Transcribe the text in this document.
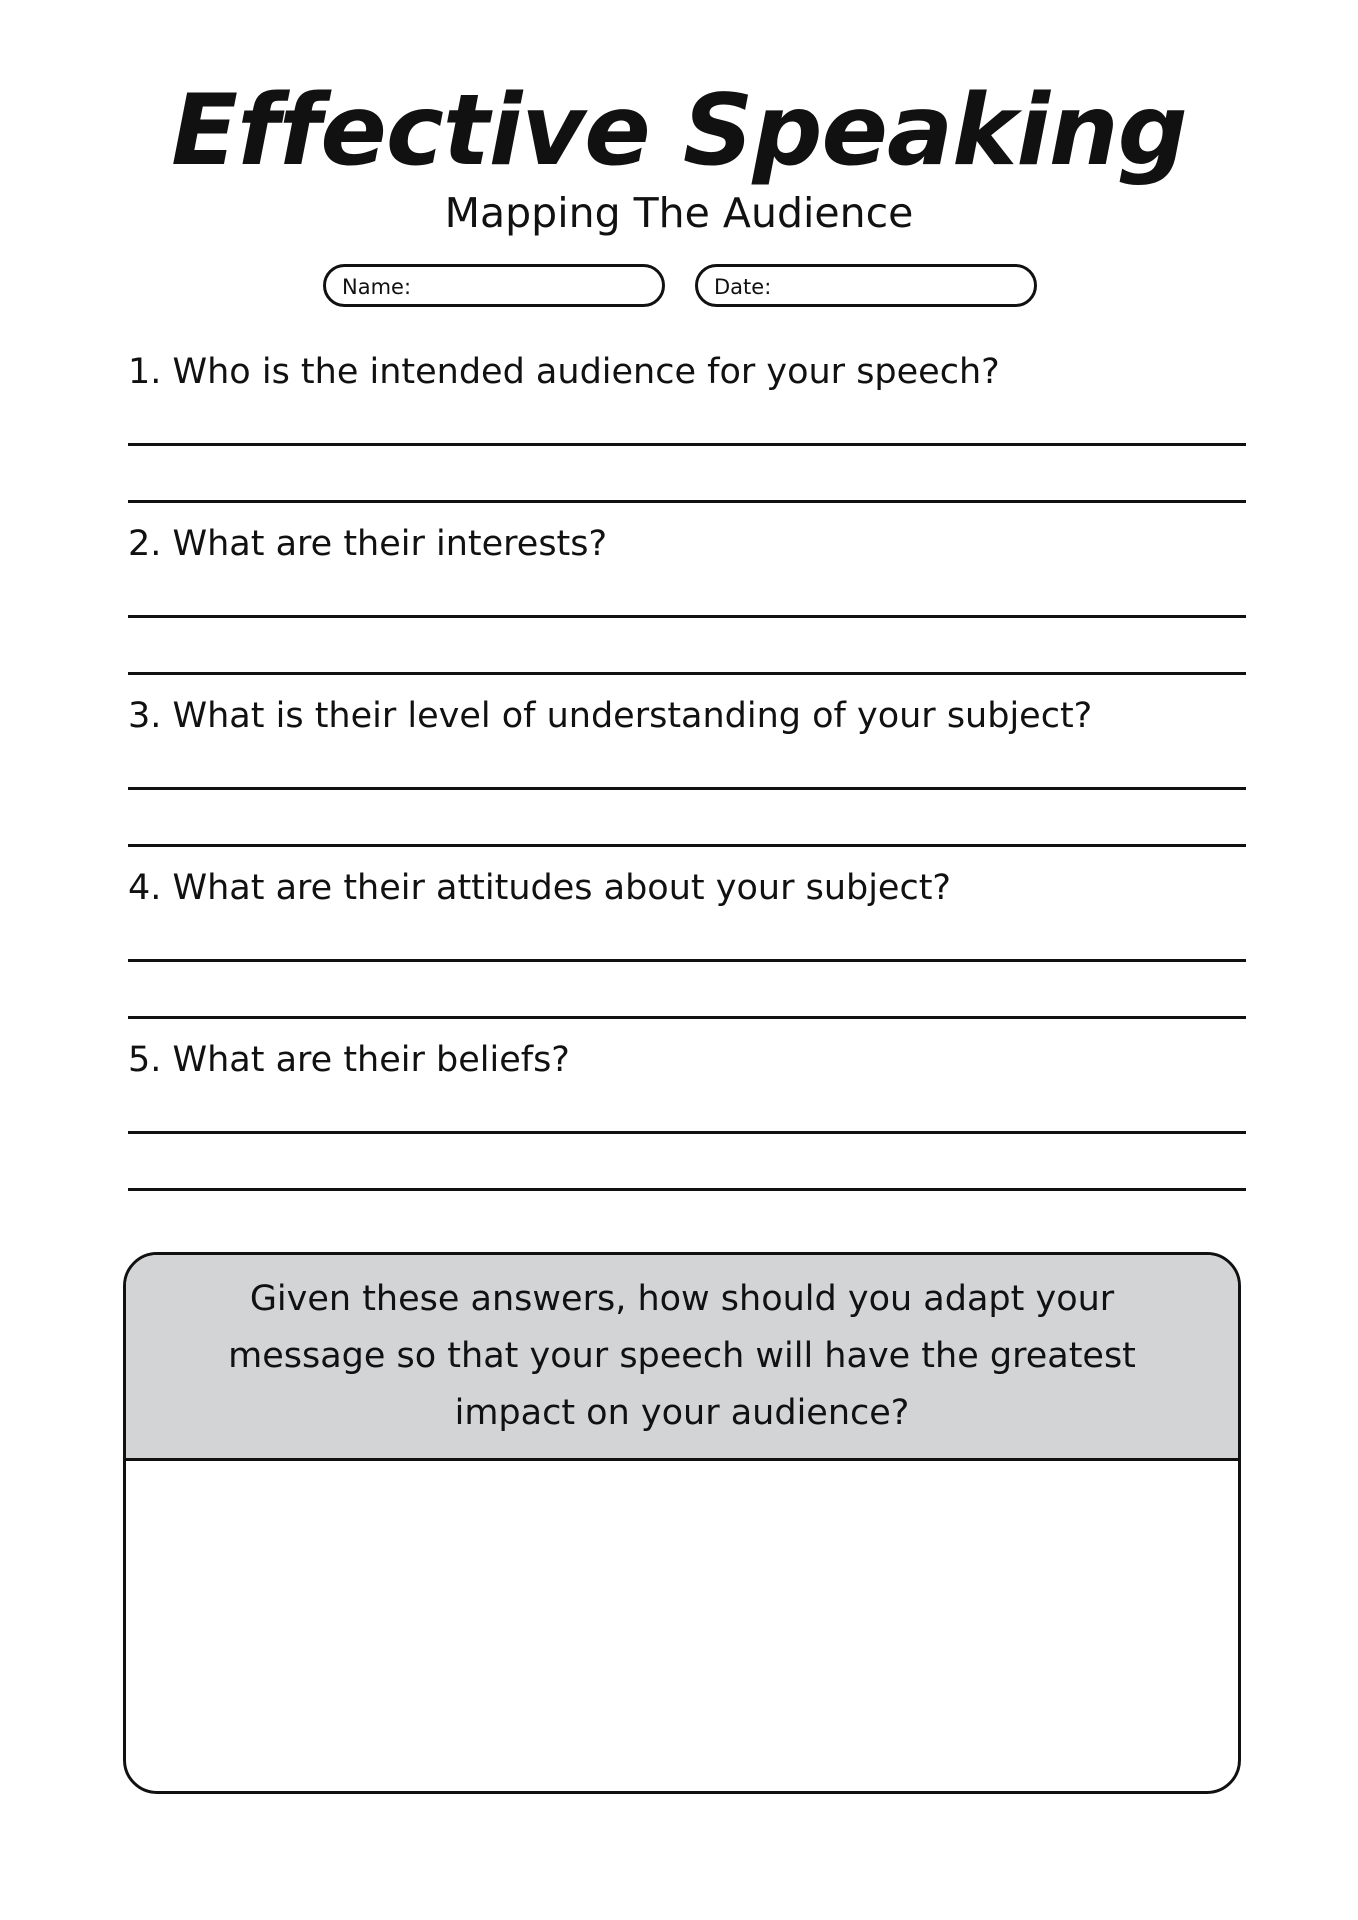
Effective Speaking

Mapping The Audience

Name:	Date:

1. Who is the intended audience for your speech?

2. What are their interests?

3. What is their level of understanding of your subject?

4. What are their attitudes about your subject?

5. What are their beliefs?

Given these answers, how should you adapt your message so that your speech will have the greatest impact on your audience?
